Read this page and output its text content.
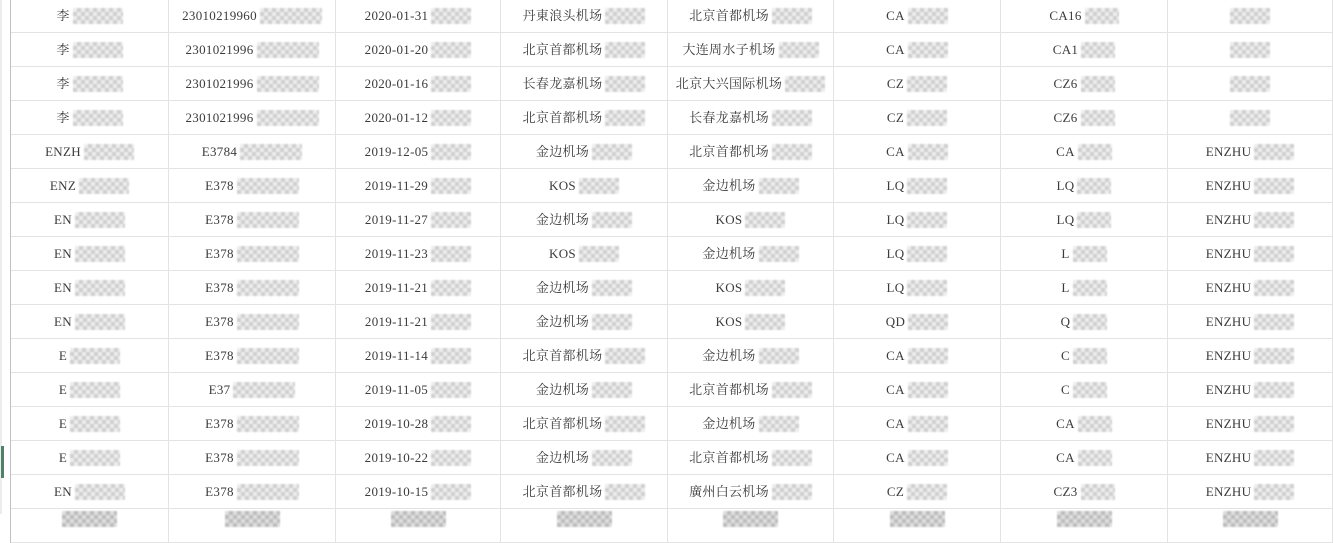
李	23010219960	2020-01-31	丹東浪头机场	北京首都机场	CA	CA16
李	2301021996	2020-01-20	北京首都机场	大连周水子机场	CA	CA1
李	2301021996	2020-01-16	长春龙嘉机场	北京大兴国际机场	CZ	CZ6
李	2301021996	2020-01-12	北京首都机场	长春龙嘉机场	CZ	CZ6
ENZH	E3784	2019-12-05	金边机场	北京首都机场	CA	CA	ENZHU
ENZ	E378	2019-11-29	KOS	金边机场	LQ	LQ	ENZHU
EN	E378	2019-11-27	金边机场	KOS	LQ	LQ	ENZHU
EN	E378	2019-11-23	KOS	金边机场	LQ	L	ENZHU
EN	E378	2019-11-21	金边机场	KOS	LQ	L	ENZHU
EN	E378	2019-11-21	金边机场	KOS	QD	Q	ENZHU
E	E378	2019-11-14	北京首都机场	金边机场	CA	C	ENZHU
E	E37	2019-11-05	金边机场	北京首都机场	CA	C	ENZHU
E	E378	2019-10-28	北京首都机场	金边机场	CA	CA	ENZHU
E	E378	2019-10-22	金边机场	北京首都机场	CA	CA	ENZHU
EN	E378	2019-10-15	北京首都机场	廣州白云机场	CZ	CZ3	ENZHU
